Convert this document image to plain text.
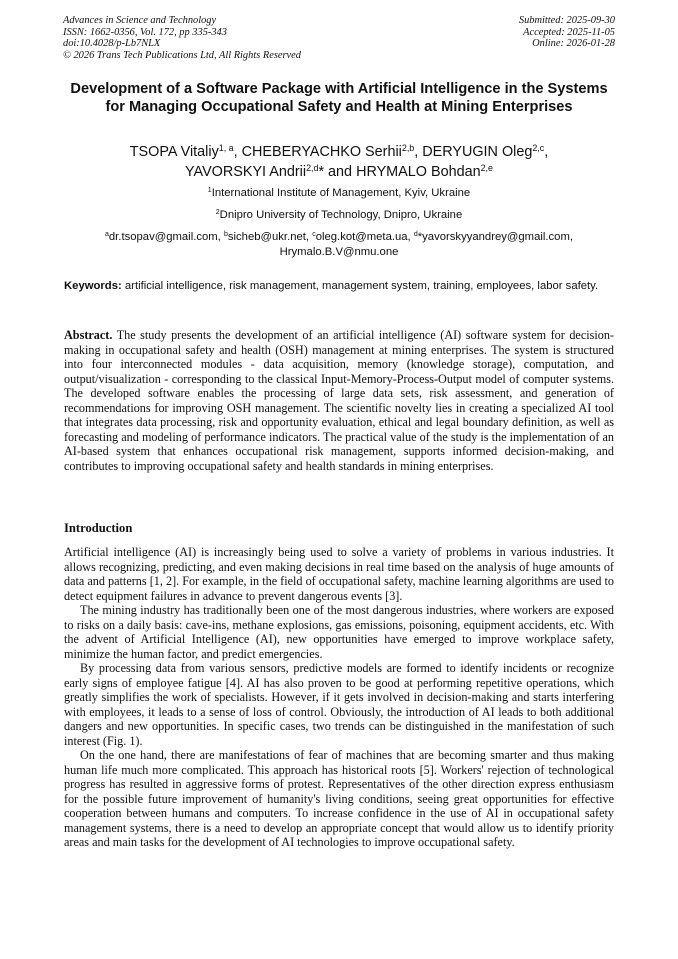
Advances in Science and Technology
ISSN: 1662-0356, Vol. 172, pp 335-343
doi:10.4028/p-Lb7NLX
© 2026 Trans Tech Publications Ltd, All Rights Reserved
Submitted: 2025-09-30
Accepted: 2025-11-05
Online: 2026-01-28
Development of a Software Package with Artificial Intelligence in the Systems for Managing Occupational Safety and Health at Mining Enterprises
TSOPA Vitaliy$^{1, a}$, CHEBERYACHKO Serhii$^{2,b}$, DERYUGIN Oleg$^{2,c}$,
YAVORSKYI Andrii$^{2,d}$* and HRYMALO Bohdan$^{2,e}$
$^1$International Institute of Management, Kyiv, Ukraine
$^2$Dnipro University of Technology, Dnipro, Ukraine
$^a$dr.tsopav@gmail.com, $^b$sicheb@ukr.net, $^c$oleg.kot@meta.ua, $^d$*yavorskyyandrey@gmail.com,
Hrymalo.B.V@nmu.one
Keywords: artificial intelligence, risk management, management system, training, employees, labor safety.
Abstract. The study presents the development of an artificial intelligence (AI) software system for decision-making in occupational safety and health (OSH) management at mining enterprises. The system is structured into four interconnected modules - data acquisition, memory (knowledge storage), computation, and output/visualization - corresponding to the classical Input-Memory-Process-Output model of computer systems. The developed software enables the processing of large data sets, risk assessment, and generation of recommendations for improving OSH management. The scientific novelty lies in creating a specialized AI tool that integrates data processing, risk and opportunity evaluation, ethical and legal boundary definition, as well as forecasting and modeling of performance indicators. The practical value of the study is the implementation of an AI-based system that enhances occupational risk management, supports informed decision-making, and contributes to improving occupational safety and health standards in mining enterprises.
Introduction

Artificial intelligence (AI) is increasingly being used to solve a variety of problems in various industries. It allows recognizing, predicting, and even making decisions in real time based on the analysis of huge amounts of data and patterns [1, 2]. For example, in the field of occupational safety, machine learning algorithms are used to detect equipment failures in advance to prevent dangerous events [3].

The mining industry has traditionally been one of the most dangerous industries, where workers are exposed to risks on a daily basis: cave-ins, methane explosions, gas emissions, poisoning, equipment accidents, etc. With the advent of Artificial Intelligence (AI), new opportunities have emerged to improve workplace safety, minimize the human factor, and predict emergencies.

By processing data from various sensors, predictive models are formed to identify incidents or recognize early signs of employee fatigue [4]. AI has also proven to be good at performing repetitive operations, which greatly simplifies the work of specialists. However, if it gets involved in decision-making and starts interfering with employees, it leads to a sense of loss of control. Obviously, the introduction of AI leads to both additional dangers and new opportunities. In specific cases, two trends can be distinguished in the manifestation of such interest (Fig. 1).

On the one hand, there are manifestations of fear of machines that are becoming smarter and thus making human life much more complicated. This approach has historical roots [5]. Workers' rejection of technological progress has resulted in aggressive forms of protest. Representatives of the other direction express enthusiasm for the possible future improvement of humanity's living conditions, seeing great opportunities for effective cooperation between humans and computers. To increase confidence in the use of AI in occupational safety management systems, there is a need to develop an appropriate concept that would allow us to identify priority areas and main tasks for the development of AI technologies to improve occupational safety.
